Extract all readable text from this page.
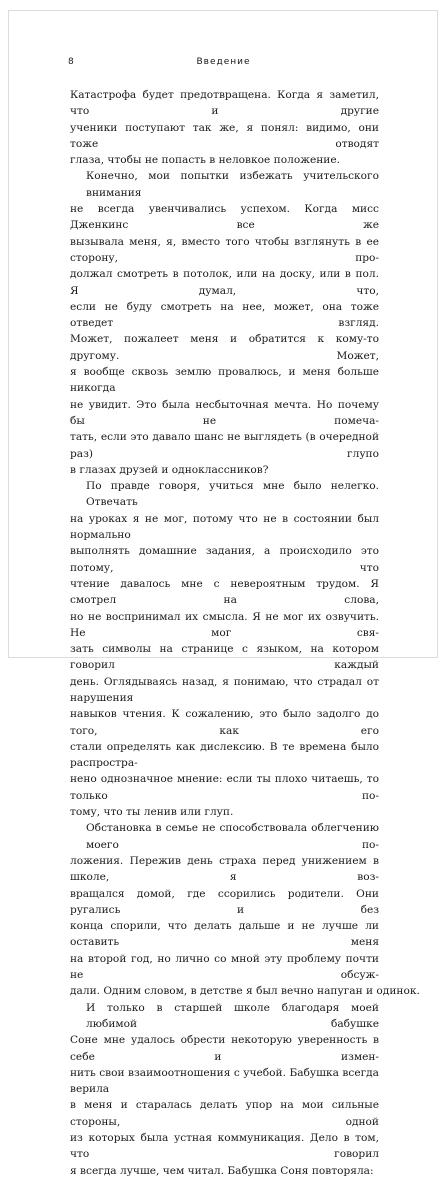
8	Введение
Катастрофа будет предотвращена. Когда я заметил, что и другие
ученики поступают так же, я понял: видимо, они тоже отводят
глаза, чтобы не попасть в неловкое положение.
Конечно, мои попытки избежать учительского внимания
не всегда увенчивались успехом. Когда мисс Дженкинс все же
вызывала меня, я, вместо того чтобы взглянуть в ее сторону, про-
должал смотреть в потолок, или на доску, или в пол. Я думал, что,
если не буду смотреть на нее, может, она тоже отведет взгляд.
Может, пожалеет меня и обратится к кому-то другому. Может,
я вообще сквозь землю провалюсь, и меня больше никогда
не увидит. Это была несбыточная мечта. Но почему бы не помеча-
тать, если это давало шанс не выглядеть (в очередной раз) глупо
в глазах друзей и одноклассников?
По правде говоря, учиться мне было нелегко. Отвечать
на уроках я не мог, потому что не в состоянии был нормально
выполнять домашние задания, а происходило это потому, что
чтение давалось мне с невероятным трудом. Я смотрел на слова,
но не воспринимал их смысла. Я не мог их озвучить. Не мог свя-
зать символы на странице с языком, на котором говорил каждый
день. Оглядываясь назад, я понимаю, что страдал от нарушения
навыков чтения. К сожалению, это было задолго до того, как его
стали определять как дислексию. В те времена было распростра-
нено однозначное мнение: если ты плохо читаешь, то только по-
тому, что ты ленив или глуп.
Обстановка в семье не способствовала облегчению моего по-
ложения. Пережив день страха перед унижением в школе, я воз-
вращался домой, где ссорились родители. Они ругались и без
конца спорили, что делать дальше и не лучше ли оставить меня
на второй год, но лично со мной эту проблему почти не обсуж-
дали. Одним словом, в детстве я был вечно напуган и одинок.
И только в старшей школе благодаря моей любимой бабушке
Соне мне удалось обрести некоторую уверенность в себе и измен-
нить свои взаимоотношения с учебой. Бабушка всегда верила
в меня и старалась делать упор на мои сильные стороны, одной
из которых была устная коммуникация. Дело в том, что говорил
я всегда лучше, чем читал. Бабушка Соня повторяла:
